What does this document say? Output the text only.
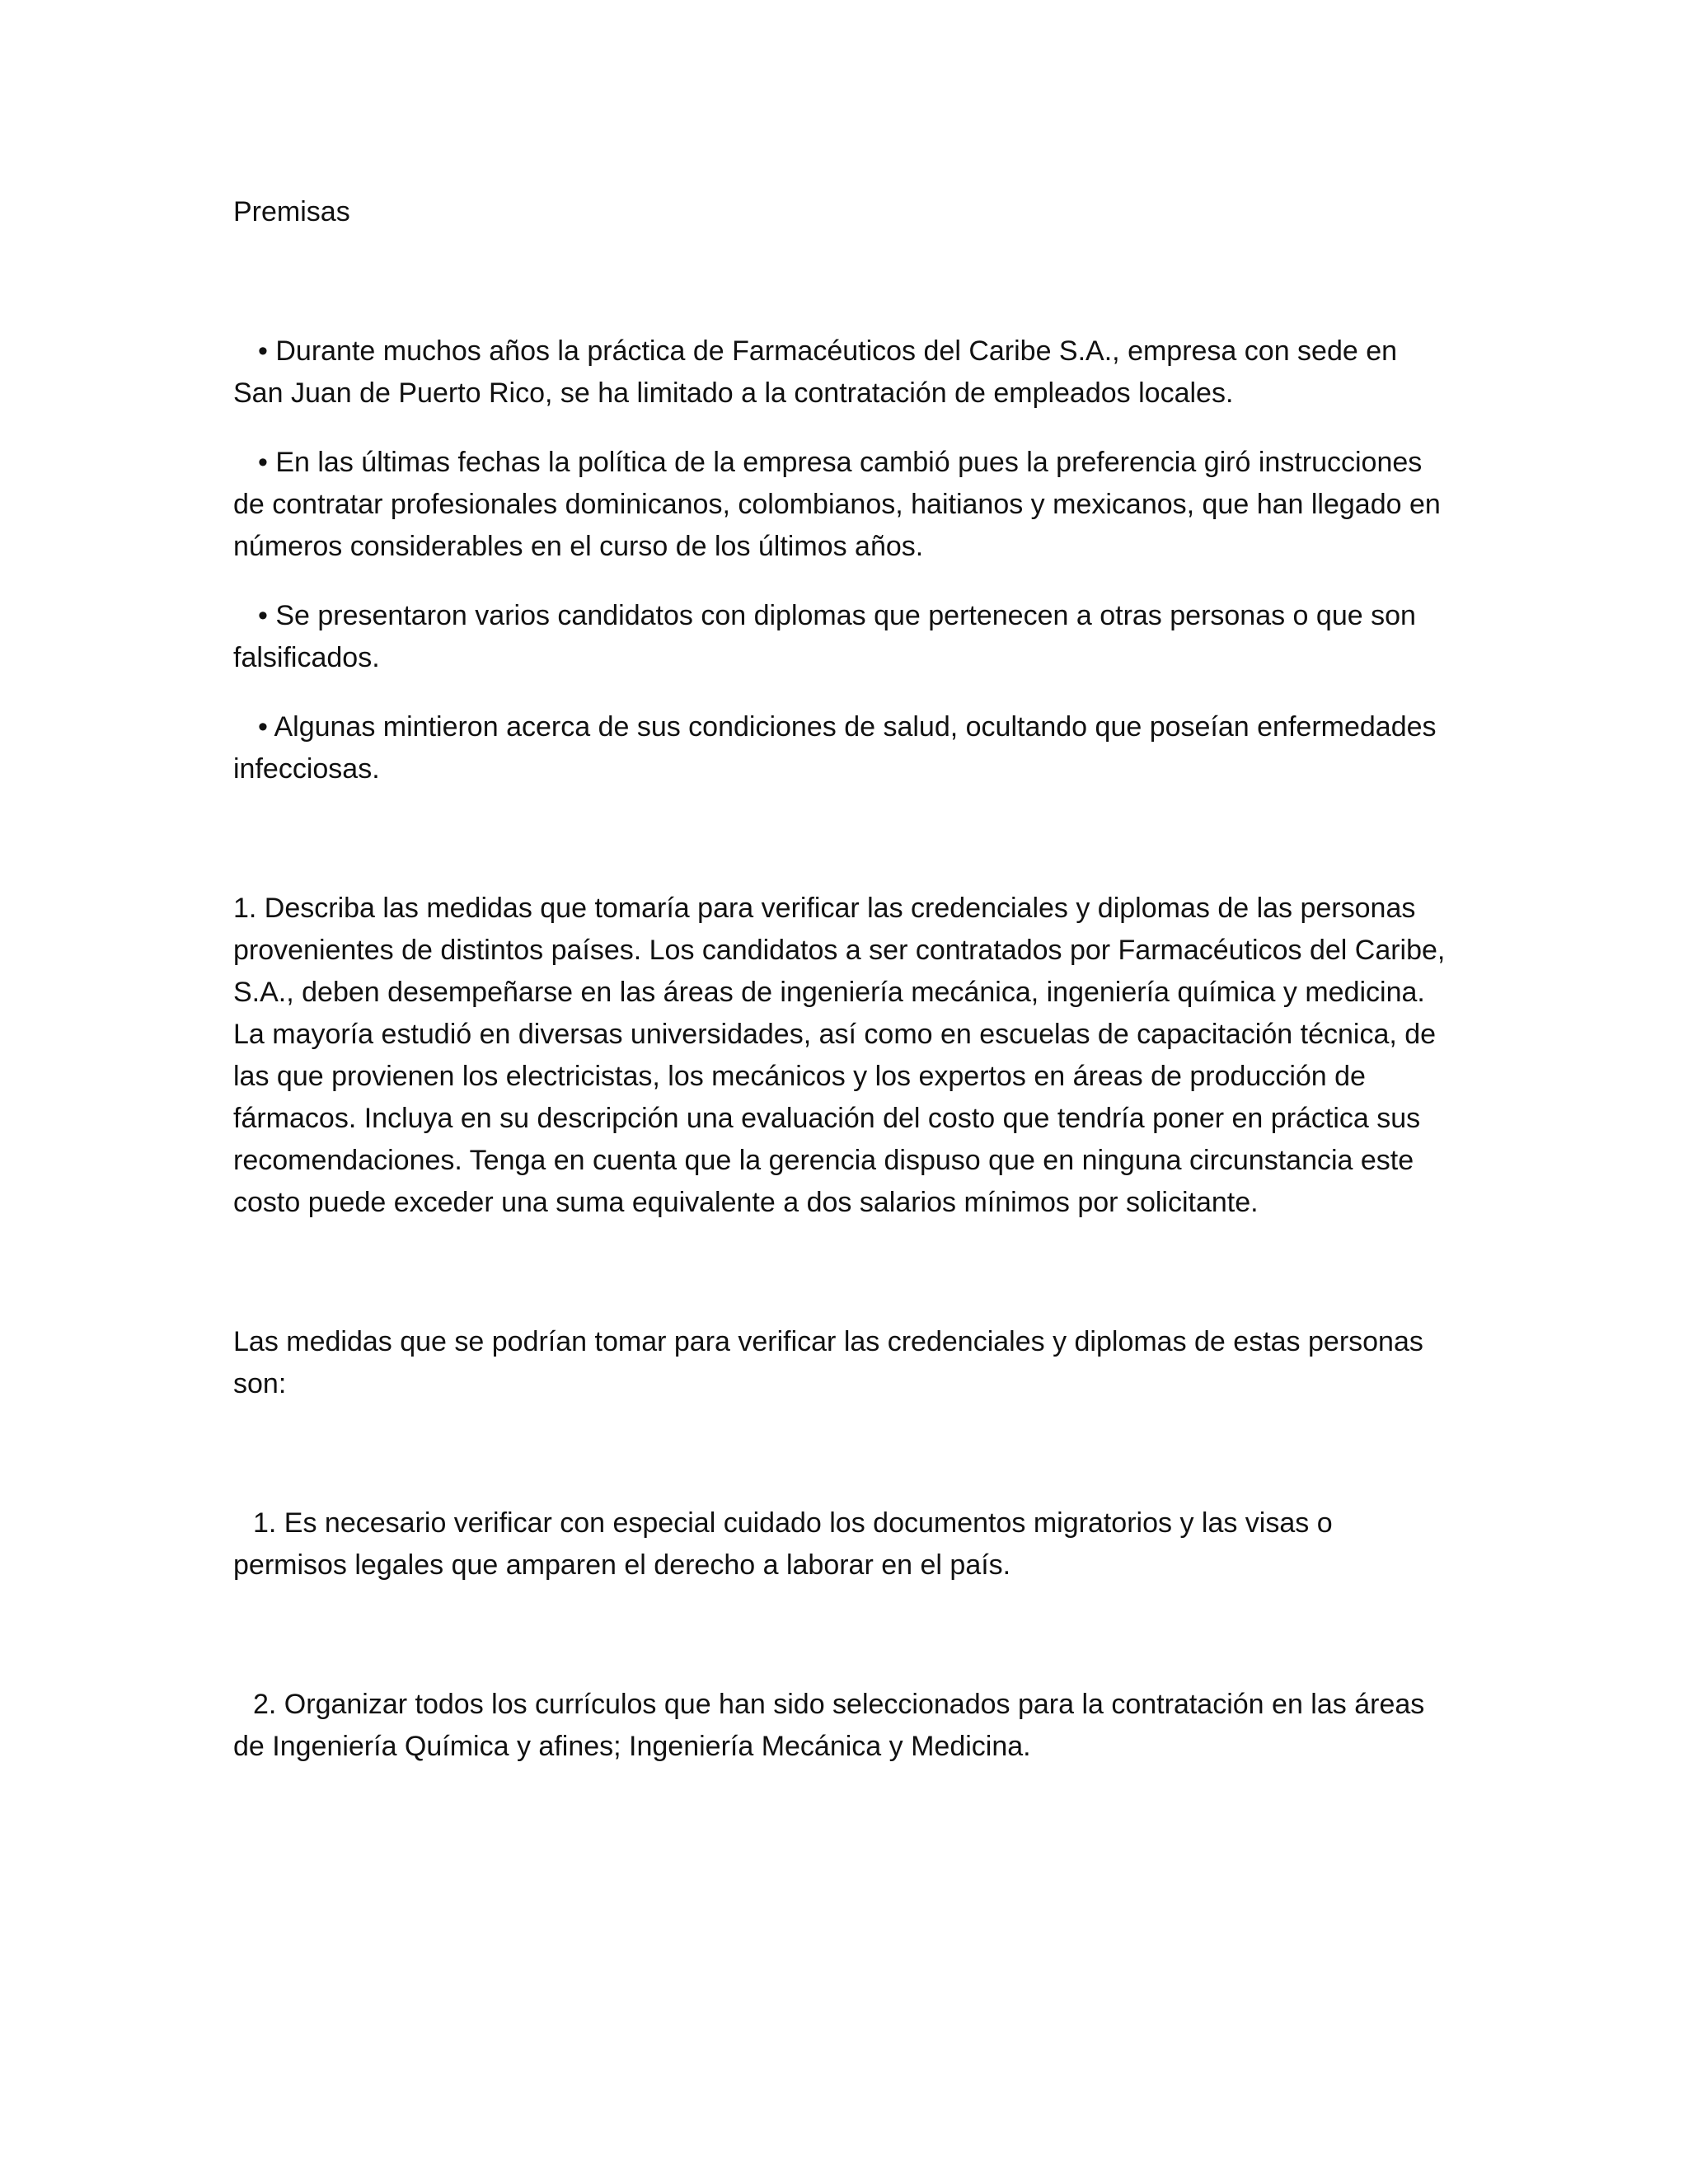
Premisas

• Durante muchos años la práctica de Farmacéuticos del Caribe S.A., empresa con sede en San Juan de Puerto Rico, se ha limitado a la contratación de empleados locales.

• En las últimas fechas la política de la empresa cambió pues la preferencia giró instrucciones de contratar profesionales dominicanos, colombianos, haitianos y mexicanos, que han llegado en números considerables en el curso de los últimos años.

• Se presentaron varios candidatos con diplomas que pertenecen a otras personas o que son falsificados.

• Algunas mintieron acerca de sus condiciones de salud, ocultando que poseían enfermedades infecciosas.

1. Describa las medidas que tomaría para verificar las credenciales y diplomas de las personas provenientes de distintos países. Los candidatos a ser contratados por Farmacéuticos del Caribe, S.A., deben desempeñarse en las áreas de ingeniería mecánica, ingeniería química y medicina. La mayoría estudió en diversas universidades, así como en escuelas de capacitación técnica, de las que provienen los electricistas, los mecánicos y los expertos en áreas de producción de fármacos. Incluya en su descripción una evaluación del costo que tendría poner en práctica sus recomendaciones. Tenga en cuenta que la gerencia dispuso que en ninguna circunstancia este costo puede exceder una suma equivalente a dos salarios mínimos por solicitante.

Las medidas que se podrían tomar para verificar las credenciales y diplomas de estas personas son:

1. Es necesario verificar con especial cuidado los documentos migratorios y las visas o permisos legales que amparen el derecho a laborar en el país.

2. Organizar todos los currículos que han sido seleccionados para la contratación en las áreas de Ingeniería Química y afines; Ingeniería Mecánica y Medicina.
